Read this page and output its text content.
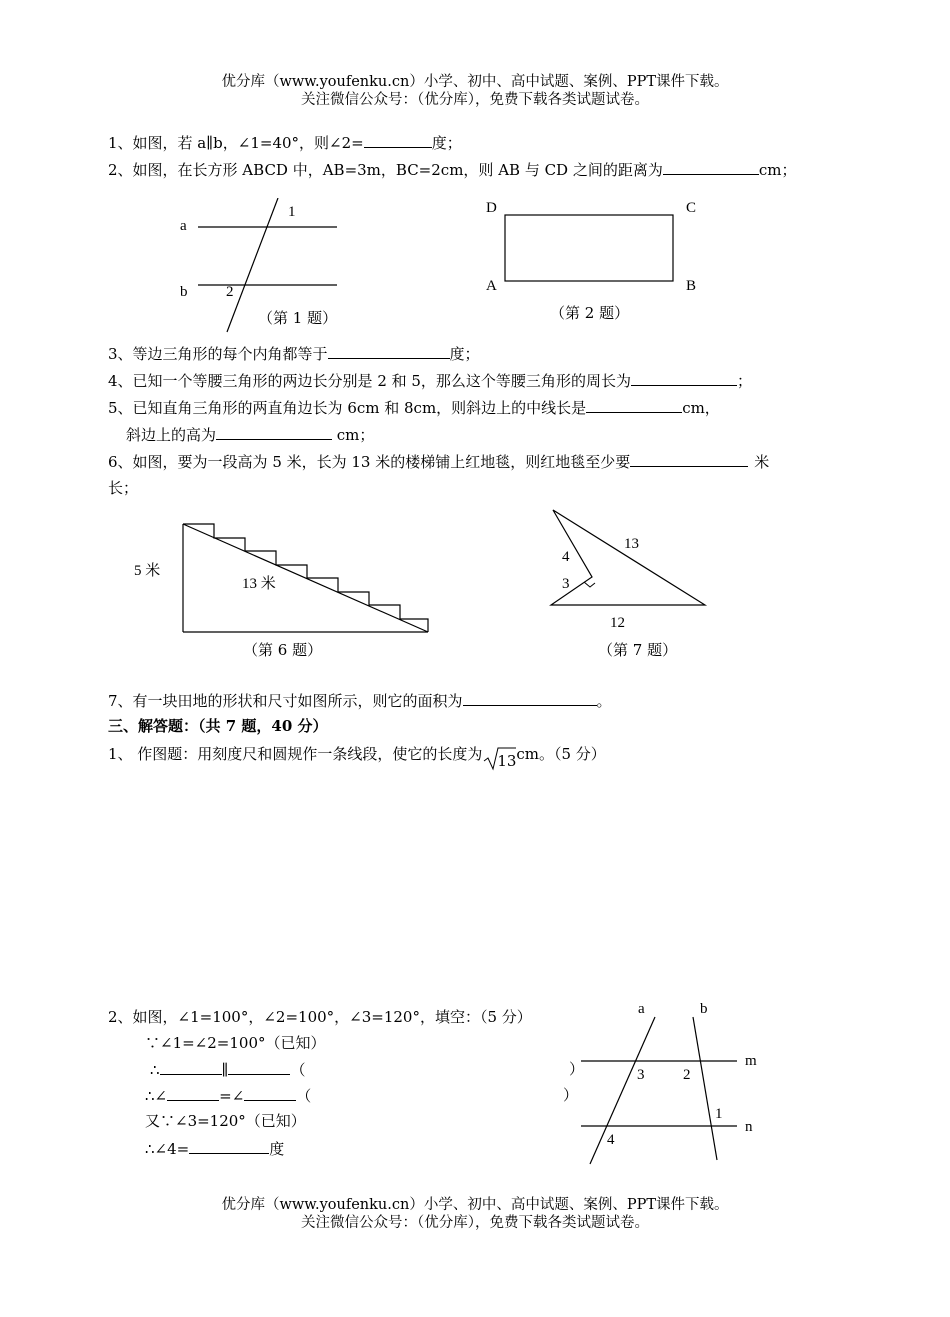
优分库（www.youfenku.cn）小学、初中、高中试题、案例、PPT课件下载。
关注微信公众号：（优分库），免费下载各类试题试卷。
1、如图，若 a∥b，∠1=40°，则∠2=	度；
2、如图，在长方形 ABCD 中，AB=3m，BC=2cm，则 AB 与 CD 之间的距离为	cm；
a
b
1
2
（第 1 题）
D	C
A	B
（第 2 题）
3、等边三角形的每个内角都等于	度；
4、已知一个等腰三角形的两边长分别是 2 和 5，那么这个等腰三角形的周长为	；
5、已知直角三角形的两直角边长为 6cm 和 8cm，则斜边上的中线长是	cm，
斜边上的高为	cm；
6、如图，要为一段高为 5 米，长为 13 米的楼梯铺上红地毯，则红地毯至少要	米
长；
5 米
13 米
（第 6 题）
4
3
13
12
（第 7 题）
7、有一块田地的形状和尺寸如图所示，则它的面积为	。
三、解答题：（共 7 题，40 分）
1、 作图题：用刻度尺和圆规作一条线段，使它的长度为 13 cm。（5 分）
2、如图，∠1=100°，∠2=100°，∠3=120°，填空：（5 分）
∵∠1=∠2=100°（已知）
∴	∥	（	）
∴∠	=∠	（	）
又∵∠3=120°（已知）
∴∠4=	度
a	b
m
n
3	2
1
4
优分库（www.youfenku.cn）小学、初中、高中试题、案例、PPT课件下载。
关注微信公众号：（优分库），免费下载各类试题试卷。
